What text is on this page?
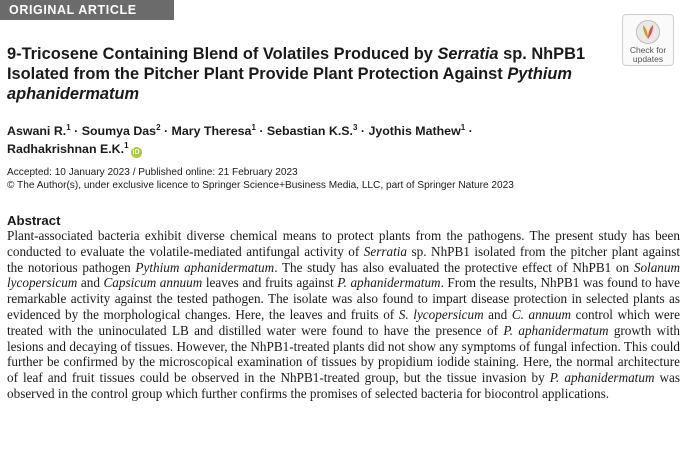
ORIGINAL ARTICLE
Check for
updates
9-Tricosene Containing Blend of Volatiles Produced by Serratia sp. NhPB1 Isolated from the Pitcher Plant Provide Plant Protection Against Pythium aphanidermatum
Aswani R.$^1$ · Soumya Das$^2$ · Mary Theresa$^1$ · Sebastian K.S.$^3$ · Jyothis Mathew$^1$ ·
Radhakrishnan E.K.$^1$iD
Accepted: 10 January 2023 / Published online: 21 February 2023
© The Author(s), under exclusive licence to Springer Science+Business Media, LLC, part of Springer Nature 2023
Abstract
Plant-associated bacteria exhibit diverse chemical means to protect plants from the pathogens. The present study has been conducted to evaluate the volatile-mediated antifungal activity of Serratia sp. NhPB1 isolated from the pitcher plant against the notorious pathogen Pythium aphanidermatum. The study has also evaluated the protective effect of NhPB1 on Solanum lycopersicum and Capsicum annuum leaves and fruits against P. aphanidermatum. From the results, NhPB1 was found to have remarkable activity against the tested pathogen. The isolate was also found to impart disease protection in selected plants as evidenced by the morphological changes. Here, the leaves and fruits of S. lycopersicum and C. annuum control which were treated with the uninoculated LB and distilled water were found to have the presence of P. aphanidermatum growth with lesions and decaying of tissues. However, the NhPB1-treated plants did not show any symptoms of fungal infection. This could further be confirmed by the microscopical examination of tissues by propidium iodide staining. Here, the normal architecture of leaf and fruit tissues could be observed in the NhPB1-treated group, but the tissue invasion by P. aphanidermatum was observed in the control group which further confirms the promises of selected bacteria for biocontrol applications.
